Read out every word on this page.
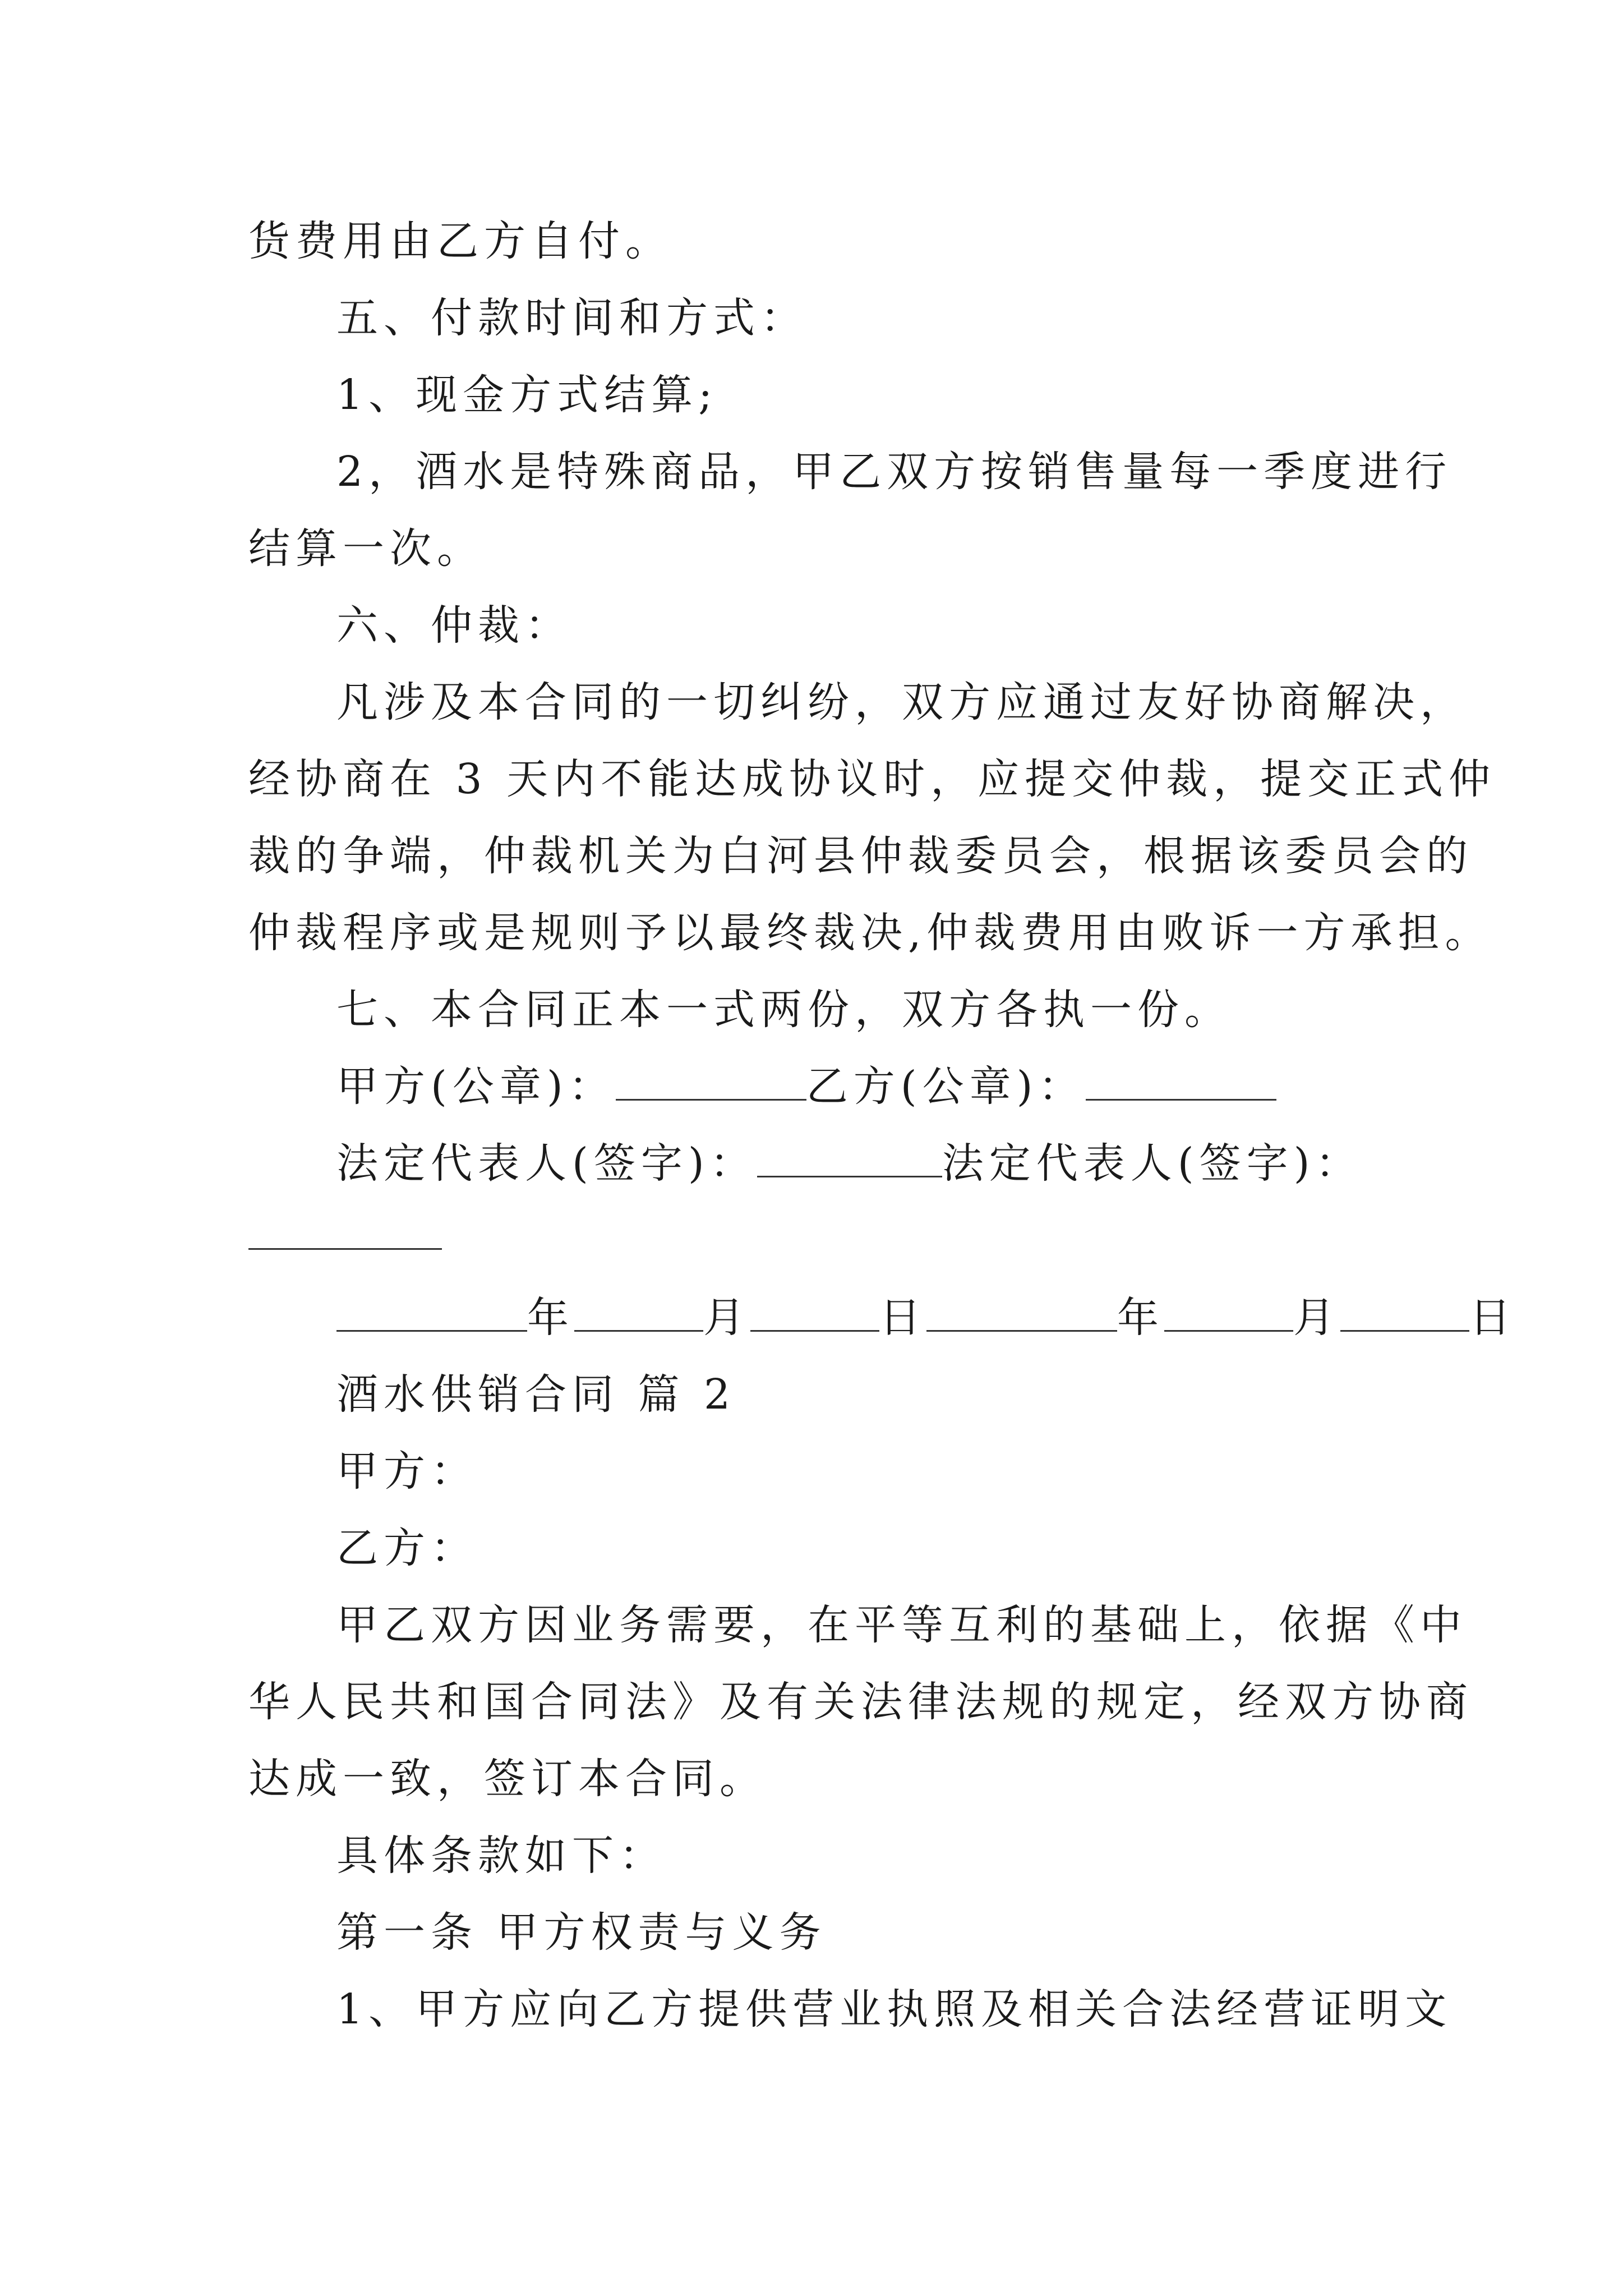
货费用由乙方自付。
五、付款时间和方式：
1、现金方式结算;
2，酒水是特殊商品，甲乙双方按销售量每一季度进行
结算一次。
六、仲裁：
凡涉及本合同的一切纠纷，双方应通过友好协商解决，
经协商在 3 天内不能达成协议时，应提交仲裁，提交正式仲
裁的争端，仲裁机关为白河县仲裁委员会，根据该委员会的
仲裁程序或是规则予以最终裁决,仲裁费用由败诉一方承担。
七、本合同正本一式两份，双方各执一份。
甲方(公章)：	乙方(公章)：
法定代表人(签字)：	法定代表人(签字)：
年	月	日	年	月	日
酒水供销合同 篇 2
甲方：
乙方：
甲乙双方因业务需要，在平等互利的基础上，依据《中
华人民共和国合同法》及有关法律法规的规定，经双方协商
达成一致，签订本合同。
具体条款如下：
第一条 甲方权责与义务
1、甲方应向乙方提供营业执照及相关合法经营证明文
